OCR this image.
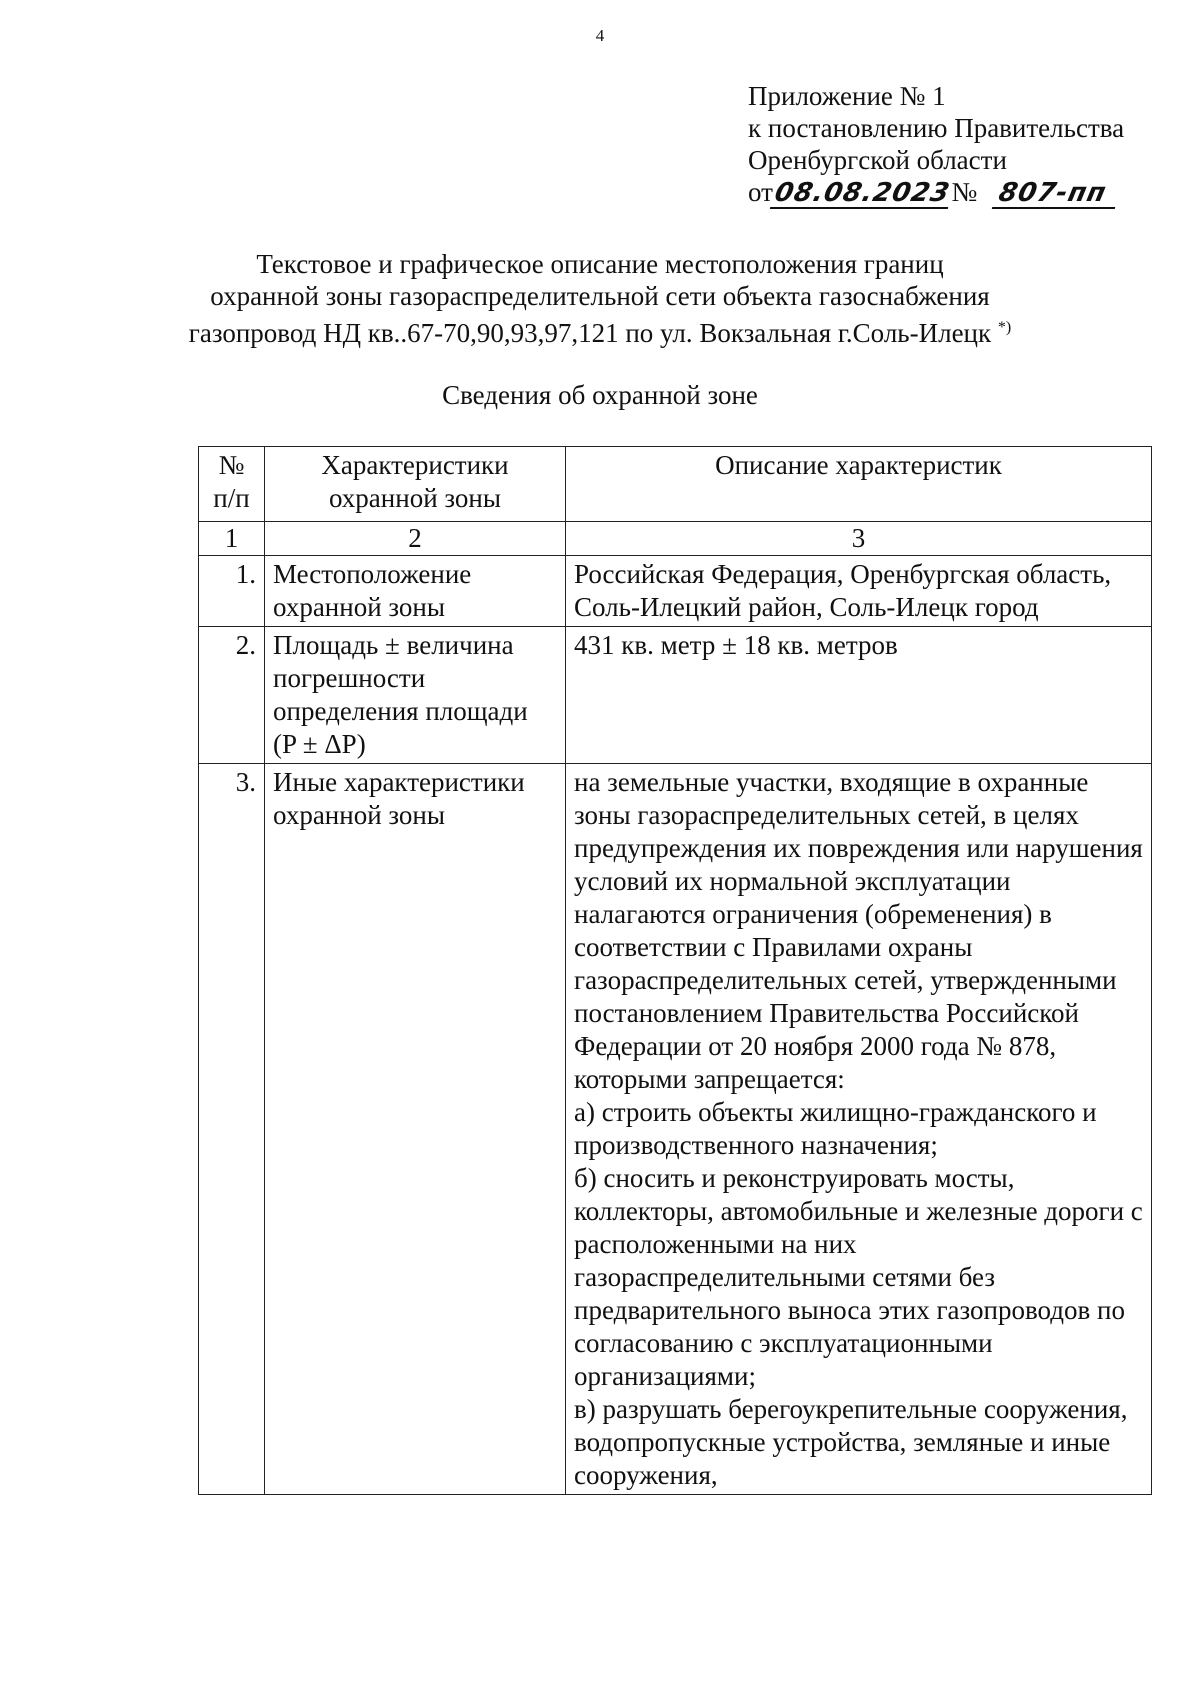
4
Приложение № 1
к постановлению Правительства
Оренбургской области
от08.08.2023№ 807-пп
Текстовое и графическое описание местоположения границ
охранной зоны газораспределительной сети объекта газоснабжения
газопровод НД кв..67-70,90,93,97,121 по ул. Вокзальная г.Соль-Илецк *)
Сведения об охранной зоне
№ п/п	Характеристики охранной зоны	Описание характеристик
1	2	3
1.	Местоположение охранной зоны	Российская Федерация, Оренбургская область, Соль-Илецкий район, Соль-Илецк город
2.	Площадь ± величина погрешности определения площади (P ± ΔP)	431 кв. метр ± 18 кв. метров
3.	Иные характеристики охранной зоны	на земельные участки, входящие в охранные зоны газораспределительных сетей, в целях предупреждения их повреждения или нарушения условий их нормальной эксплуатации налагаются ограничения (обременения) в соответствии с Правилами охраны газораспределительных сетей, утвержденными постановлением Правительства Российской Федерации от 20 ноября 2000 года № 878, которыми запрещается:

а) строить объекты жилищно-гражданского и производственного назначения;

б) сносить и реконструировать мосты, коллекторы, автомобильные и железные дороги с расположенными на них газораспределительными сетями без предварительного выноса этих газопроводов по согласованию с эксплуатационными организациями;

в) разрушать берегоукрепительные сооружения, водопропускные устройства, земляные и иные сооружения,
